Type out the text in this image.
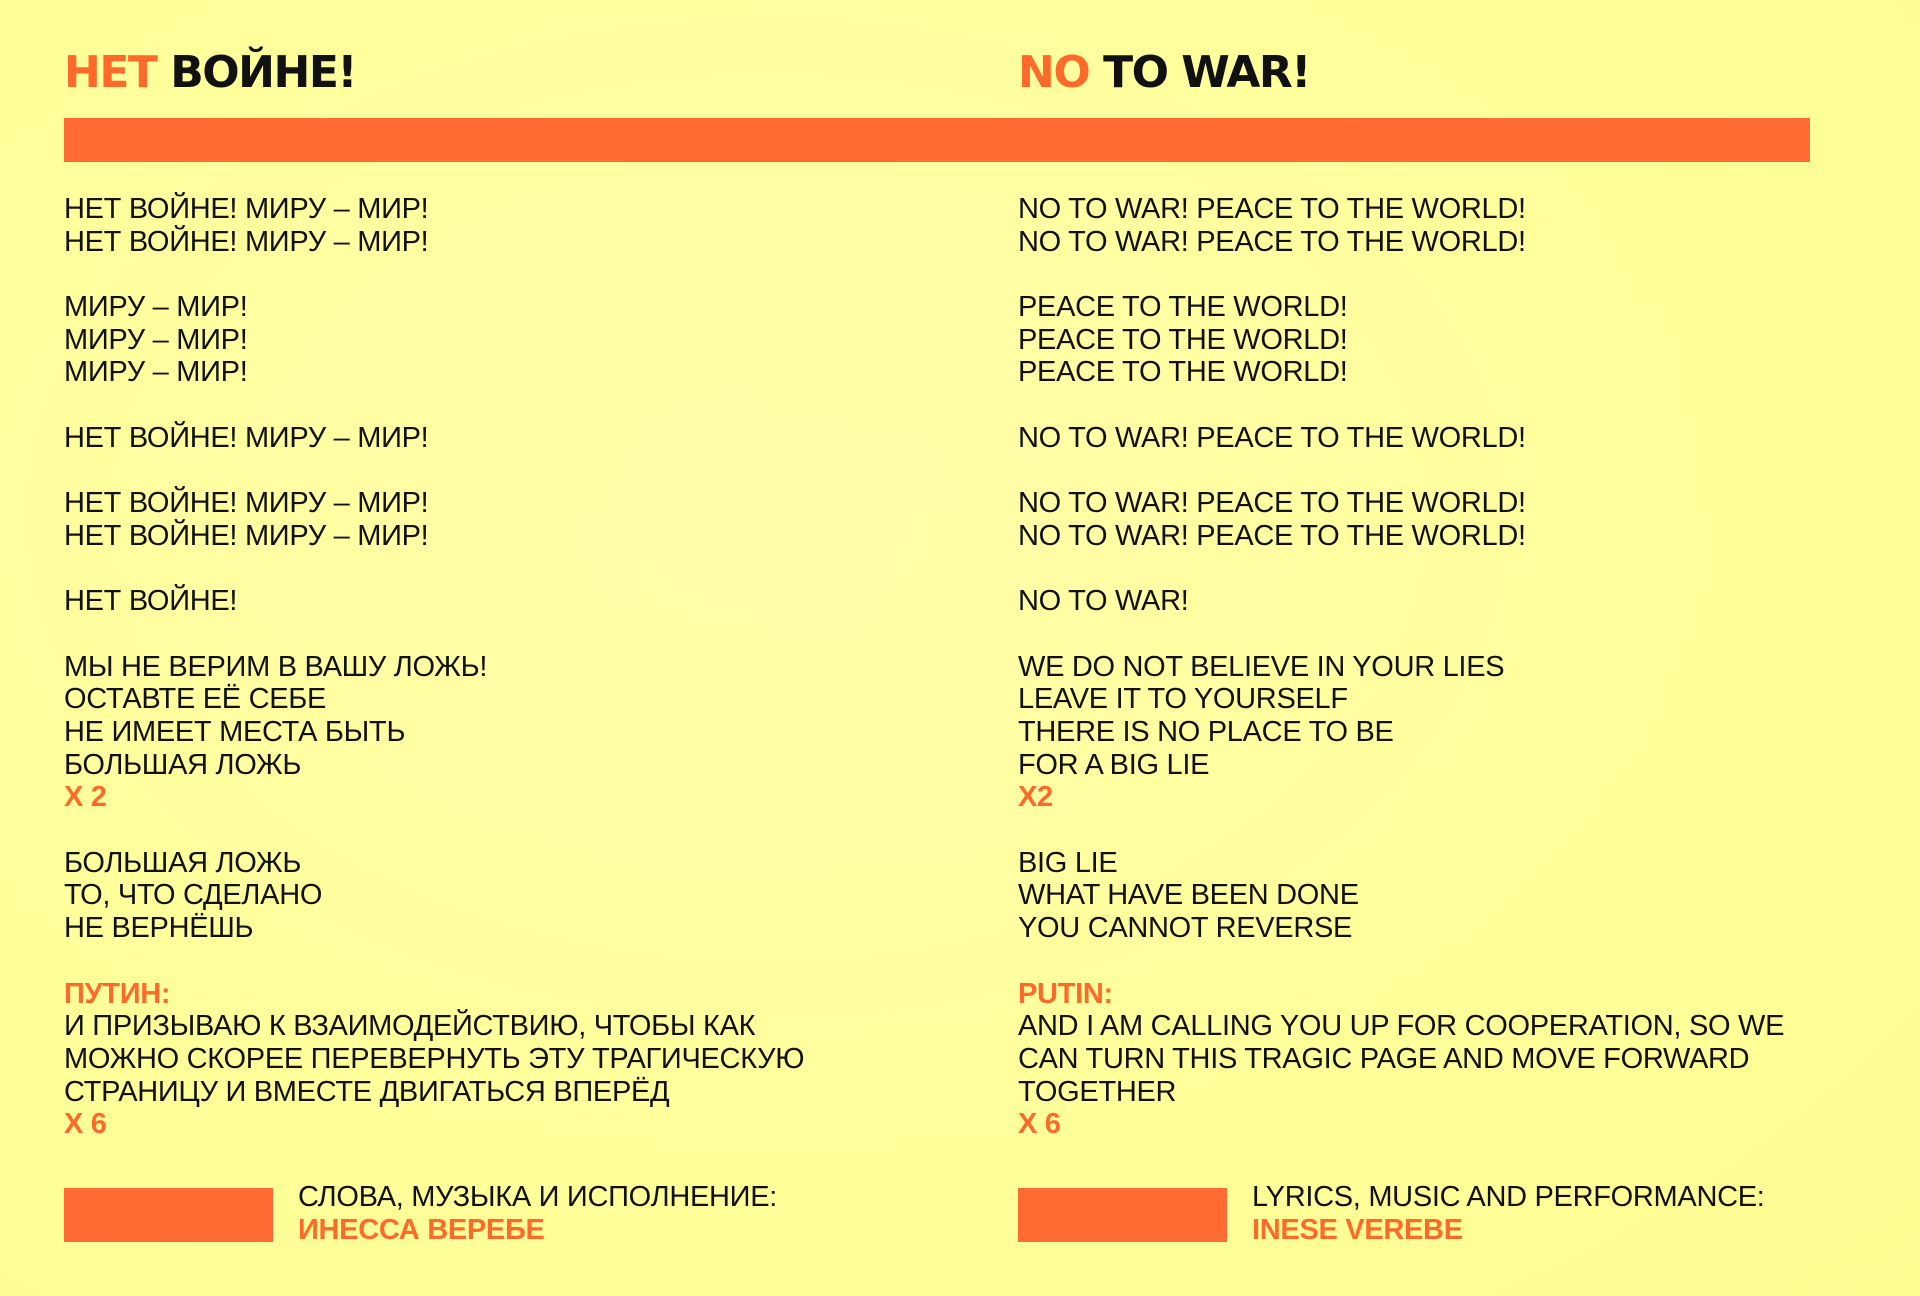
НЕТ ВОЙНЕ!	NO TO WAR!
НЕТ ВОЙНЕ! МИРУ – МИР!
НЕТ ВОЙНЕ! МИРУ – МИР!
МИРУ – МИР!
МИРУ – МИР!
МИРУ – МИР!
НЕТ ВОЙНЕ! МИРУ – МИР!
НЕТ ВОЙНЕ! МИРУ – МИР!
НЕТ ВОЙНЕ! МИРУ – МИР!
НЕТ ВОЙНЕ!
МЫ НЕ ВЕРИМ В ВАШУ ЛОЖЬ!
ОСТАВТЕ ЕЁ СЕБЕ
НЕ ИМЕЕТ МЕСТА БЫТЬ
БОЛЬШАЯ ЛОЖЬ
Х 2
БОЛЬШАЯ ЛОЖЬ
ТО, ЧТО СДЕЛАНО
НЕ ВЕРНЁШЬ
ПУТИН:
И ПРИЗЫВАЮ К ВЗАИМОДЕЙСТВИЮ, ЧТОБЫ КАК
МОЖНО СКОРЕЕ ПЕРЕВЕРНУТЬ ЭТУ ТРАГИЧЕСКУЮ
СТРАНИЦУ И ВМЕСТЕ ДВИГАТЬСЯ ВПЕРЁД
Х 6
NO TO WAR! PEACE TO THE WORLD!
NO TO WAR! PEACE TO THE WORLD!
PEACE TO THE WORLD!
PEACE TO THE WORLD!
PEACE TO THE WORLD!
NO TO WAR! PEACE TO THE WORLD!
NO TO WAR! PEACE TO THE WORLD!
NO TO WAR! PEACE TO THE WORLD!
NO TO WAR!
WE DO NOT BELIEVE IN YOUR LIES
LEAVE IT TO YOURSELF
THERE IS NO PLACE TO BE
FOR A BIG LIE
X2
BIG LIE
WHAT HAVE BEEN DONE
YOU CANNOT REVERSE
PUTIN:
AND I AM CALLING YOU UP FOR COOPERATION, SO WE
CAN TURN THIS TRAGIC PAGE AND MOVE FORWARD
TOGETHER
X 6
СЛОВА, МУЗЫКА И ИСПОЛНЕНИЕ:
ИНЕССА ВЕРЕБЕ
LYRICS, MUSIC AND PERFORMANCE:
INESE VEREBE
